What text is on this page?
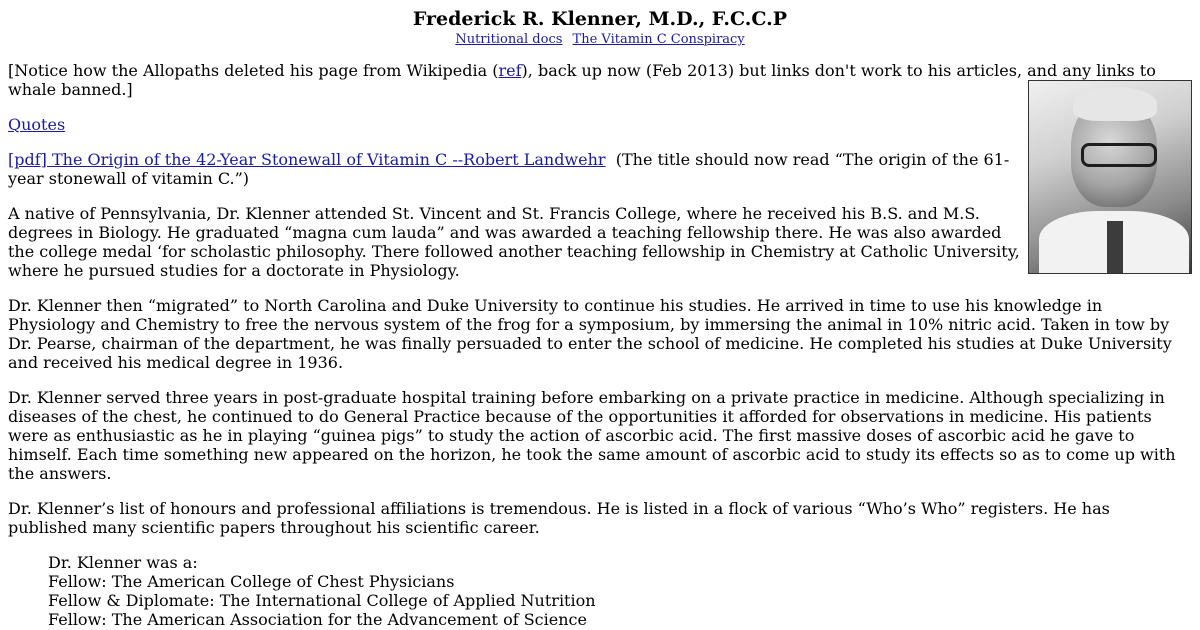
Frederick R. Klenner, M.D., F.C.C.P
Nutritional docs The Vitamin C Conspiracy

[Notice how the Allopaths deleted his page from Wikipedia (ref), back up now (Feb 2013) but links don't work to his articles, and any links to whale banned.]

Quotes

[pdf] The Origin of the 42-Year Stonewall of Vitamin C --Robert Landwehr (The title should now read “The origin of the 61-year stonewall of vitamin C.”)

A native of Pennsylvania, Dr. Klenner attended St. Vincent and St. Francis College, where he received his B.S. and M.S. degrees in Biology. He graduated “magna cum lauda” and was awarded a teaching fellowship there. He was also awarded the college medal ‘for scholastic philosophy. There followed another teaching fellowship in Chemistry at Catholic University, where he pursued studies for a doctorate in Physiology.

Dr. Klenner then “migrated” to North Carolina and Duke University to continue his studies. He arrived in time to use his knowledge in Physiology and Chemistry to free the nervous system of the frog for a symposium, by immersing the animal in 10% nitric acid. Taken in tow by Dr. Pearse, chairman of the department, he was finally persuaded to enter the school of medicine. He completed his studies at Duke University and received his medical degree in 1936.

Dr. Klenner served three years in post-graduate hospital training before embarking on a private practice in medicine. Although specializing in diseases of the chest, he continued to do General Practice because of the opportunities it afforded for observations in medicine. His patients were as enthusiastic as he in playing “guinea pigs” to study the action of ascorbic acid. The first massive doses of ascorbic acid he gave to himself. Each time something new appeared on the horizon, he took the same amount of ascorbic acid to study its effects so as to come up with the answers.

Dr. Klenner’s list of honours and professional affiliations is tremendous. He is listed in a flock of various “Who’s Who” registers. He has published many scientific papers throughout his scientific career.

Dr. Klenner was a:
Fellow: The American College of Chest Physicians
Fellow & Diplomate: The International College of Applied Nutrition
Fellow: The American Association for the Advancement of Science
